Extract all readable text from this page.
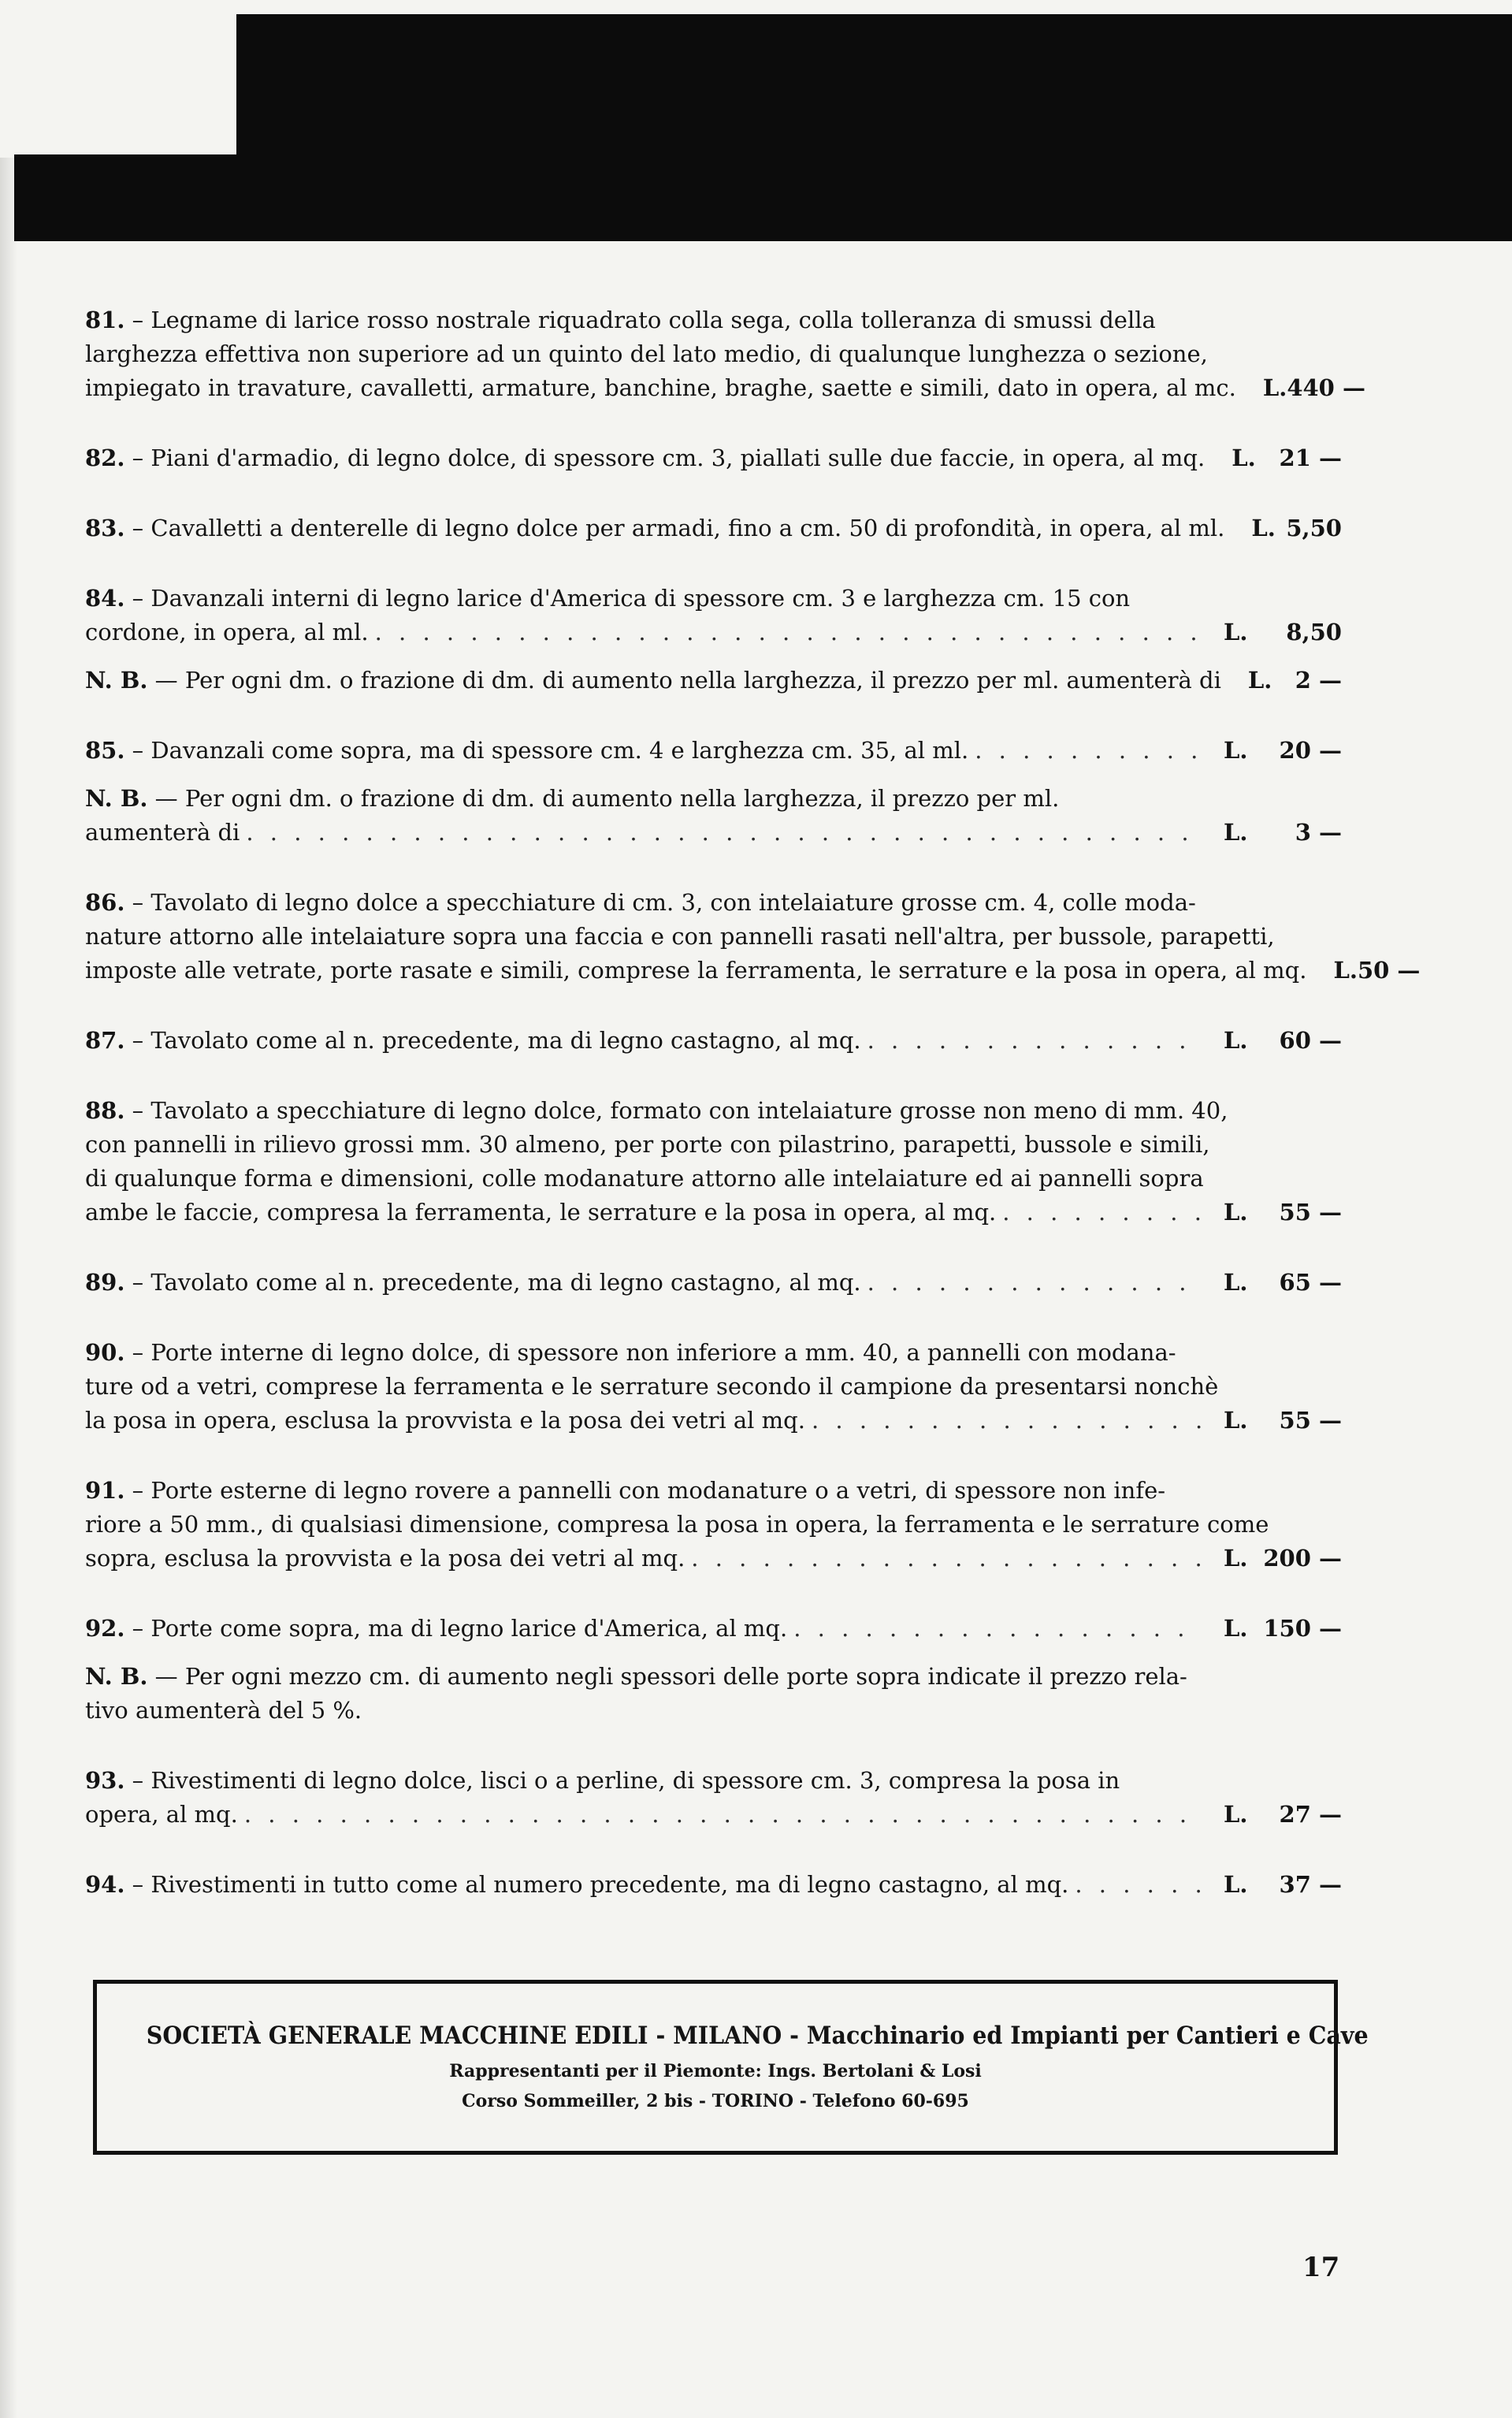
81. – Legname di larice rosso nostrale riquadrato colla sega, colla tolleranza di smussi della
larghezza effettiva non superiore ad un quinto del lato medio, di qualunque lunghezza o sezione,
impiegato in travature, cavalletti, armature, banchine, braghe, saette e simili, dato in opera, al mc. L. 440 —
82. – Piani d'armadio, di legno dolce, di spessore cm. 3, piallati sulle due faccie, in opera, al mq. L. 21 —
83. – Cavalletti a denterelle di legno dolce per armadi, fino a cm. 50 di profondità, in opera, al ml. L. 5,50
84. – Davanzali interni di legno larice d'America di spessore cm. 3 e larghezza cm. 15 con
cordone, in opera, al ml. . . .	L. 8,50
N. B. — Per ogni dm. o frazione di dm. di aumento nella larghezza, il prezzo per ml. aumenterà di L. 2 —
85. – Davanzali come sopra, ma di spessore cm. 4 e larghezza cm. 35, al ml. . . .	L. 20 —
N. B. — Per ogni dm. o frazione di dm. di aumento nella larghezza, il prezzo per ml.
aumenterà di . . .	L. 3 —
86. – Tavolato di legno dolce a specchiature di cm. 3, con intelaiature grosse cm. 4, colle moda-
nature attorno alle intelaiature sopra una faccia e con pannelli rasati nell'altra, per bussole, parapetti,
imposte alle vetrate, porte rasate e simili, comprese la ferramenta, le serrature e la posa in opera, al mq. L. 50 —
87. – Tavolato come al n. precedente, ma di legno castagno, al mq. . . .	L. 60 —
88. – Tavolato a specchiature di legno dolce, formato con intelaiature grosse non meno di mm. 40,
con pannelli in rilievo grossi mm. 30 almeno, per porte con pilastrino, parapetti, bussole e simili,
di qualunque forma e dimensioni, colle modanature attorno alle intelaiature ed ai pannelli sopra
ambe le faccie, compresa la ferramenta, le serrature e la posa in opera, al mq. . . .	L. 55 —
89. – Tavolato come al n. precedente, ma di legno castagno, al mq. . . .	L. 65 —
90. – Porte interne di legno dolce, di spessore non inferiore a mm. 40, a pannelli con modana-
ture od a vetri, comprese la ferramenta e le serrature secondo il campione da presentarsi nonchè
la posa in opera, esclusa la provvista e la posa dei vetri al mq. . . .	L. 55 —
91. – Porte esterne di legno rovere a pannelli con modanature o a vetri, di spessore non infe-
riore a 50 mm., di qualsiasi dimensione, compresa la posa in opera, la ferramenta e le serrature come
sopra, esclusa la provvista e la posa dei vetri al mq. . . .	L. 200 —
92. – Porte come sopra, ma di legno larice d'America, al mq. . . .	L. 150 —
N. B. — Per ogni mezzo cm. di aumento negli spessori delle porte sopra indicate il prezzo rela-
tivo aumenterà del 5 %.
93. – Rivestimenti di legno dolce, lisci o a perline, di spessore cm. 3, compresa la posa in
opera, al mq. . . .	L. 27 —
94. – Rivestimenti in tutto come al numero precedente, ma di legno castagno, al mq. . . .	L. 37 —
SOCIETÀ GENERALE MACCHINE EDILI - MILANO - Macchinario ed Impianti per Cantieri e Cave
Rappresentanti per il Piemonte: Ings. Bertolani & Losi
Corso Sommeiller, 2 bis - TORINO - Telefono 60-695
17
